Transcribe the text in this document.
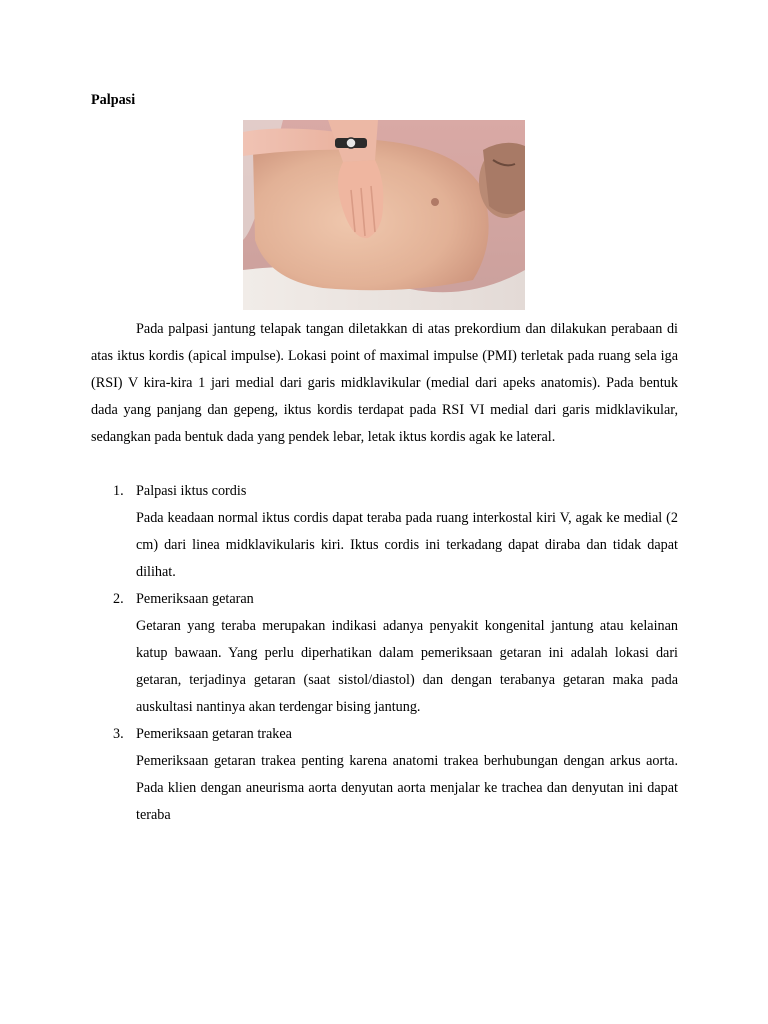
Palpasi

Pada palpasi jantung telapak tangan diletakkan di atas prekordium dan dilakukan perabaan di atas iktus kordis (apical impulse). Lokasi point of maximal impulse (PMI) terletak pada ruang sela iga (RSI) V kira-kira 1 jari medial dari garis midklavikular (medial dari apeks anatomis). Pada bentuk dada yang panjang dan gepeng, iktus kordis terdapat pada RSI VI medial dari garis midklavikular, sedangkan pada bentuk dada yang pendek lebar, letak iktus kordis agak ke lateral.

1. Palpasi iktus cordis

Pada keadaan normal iktus cordis dapat teraba pada ruang interkostal kiri V, agak ke medial (2 cm) dari linea midklavikularis kiri. Iktus cordis ini terkadang dapat diraba dan tidak dapat dilihat.

2. Pemeriksaan getaran

Getaran yang teraba merupakan indikasi adanya penyakit kongenital jantung atau kelainan katup bawaan. Yang perlu diperhatikan dalam pemeriksaan getaran ini adalah lokasi dari getaran, terjadinya getaran (saat sistol/diastol) dan dengan terabanya getaran maka pada auskultasi nantinya akan terdengar bising jantung.

3. Pemeriksaan getaran trakea

Pemeriksaan getaran trakea penting karena anatomi trakea berhubungan dengan arkus aorta. Pada klien dengan aneurisma aorta denyutan aorta menjalar ke trachea dan denyutan ini dapat teraba
